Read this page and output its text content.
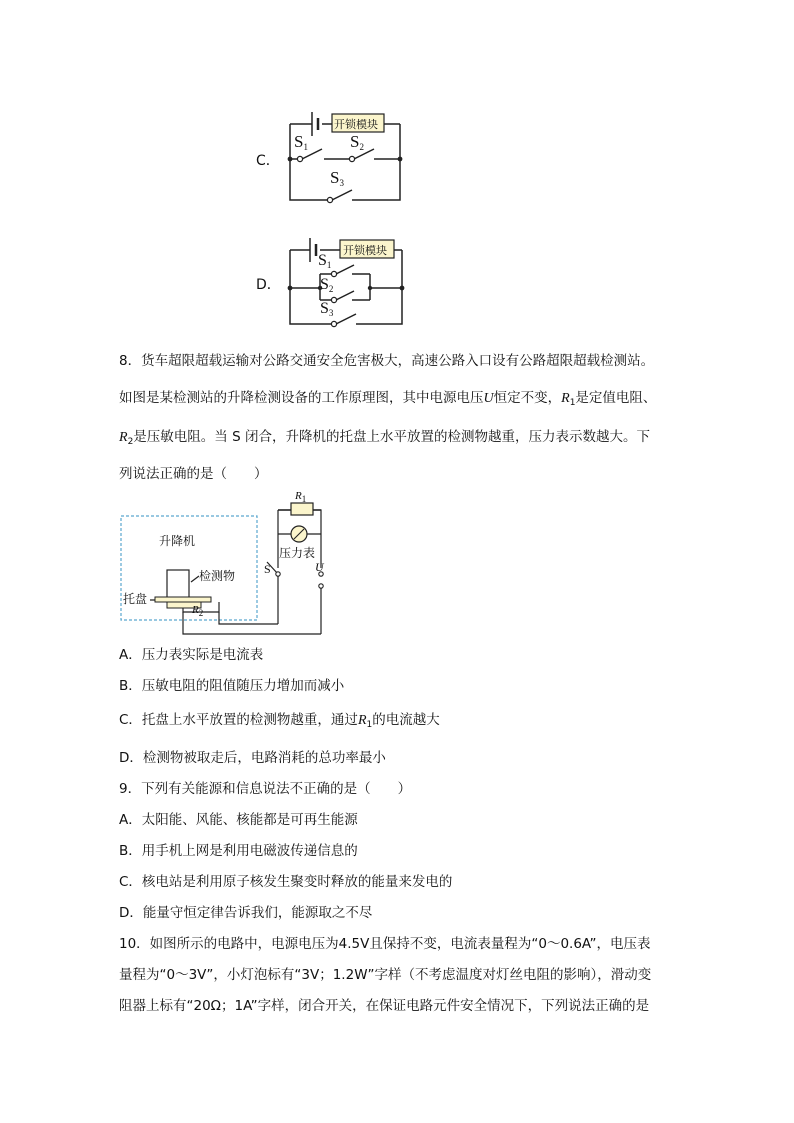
C．
开锁模块
$S_1$ $S_2$
$S_3$
D．
开锁模块
$S_1$
$S_2$
$S_3$
8．货车超限超载运输对公路交通安全危害极大，高速公路入口设有公路超限超载检测站。
如图是某检测站的升降检测设备的工作原理图，其中电源电压U恒定不变，$R_1$是定值电阻、
$R_2$是压敏电阻。当 S 闭合，升降机的托盘上水平放置的检测物越重，压力表示数越大。下
列说法正确的是（　　）
升降机
检测物
托盘
$R_1$
$R_2$
压力表
S	U
A．压力表实际是电流表
B．压敏电阻的阻值随压力增加而减小
C．托盘上水平放置的检测物越重，通过$R_1$的电流越大
D．检测物被取走后，电路消耗的总功率最小
9．下列有关能源和信息说法不正确的是（　　）
A．太阳能、风能、核能都是可再生能源
B．用手机上网是利用电磁波传递信息的
C．核电站是利用原子核发生聚变时释放的能量来发电的
D．能量守恒定律告诉我们，能源取之不尽
10．如图所示的电路中，电源电压为4.5V且保持不变，电流表量程为“0～0.6A”，电压表
量程为“0～3V”，小灯泡标有“3V；1.2W”字样（不考虑温度对灯丝电阻的影响），滑动变
阻器上标有“20Ω；1A”字样，闭合开关，在保证电路元件安全情况下，下列说法正确的是
